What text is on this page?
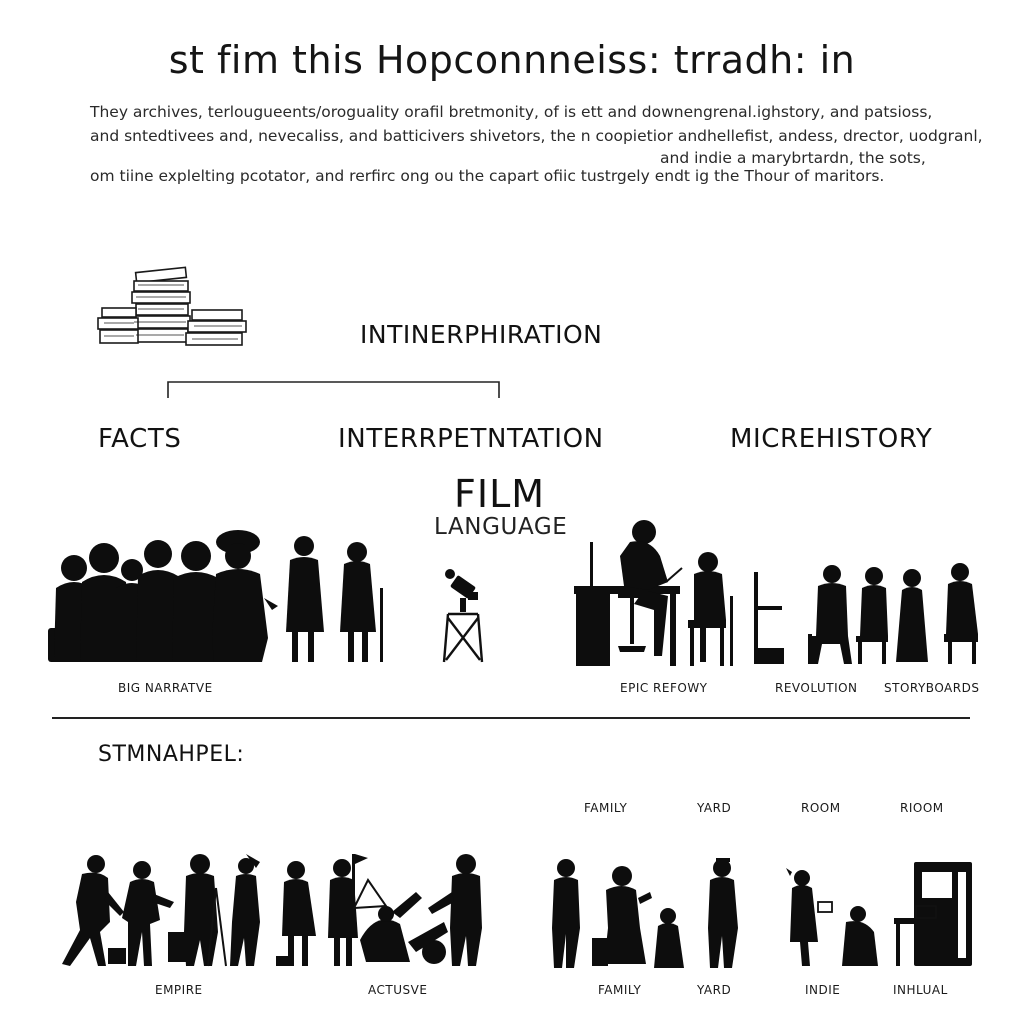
st fim this Hopconnneiss: trradh: in
They archives, terlougueents/oroguality orafil bretmonity, of is ett and downengrenal.ighstory, and patsioss,
and sntedtivees and, nevecaliss, and batticivers shivetors, the n coopietior andhellefist, andess, drector, uodgranl,
and indie a marybrtardn, the sots,
om tiine explelting pcotator, and rerfirc ong ou the capart ofiic tustrgely endt ig the Thour of maritors.
INTINERPHIRATION
FACTS	INTERRPETNTATION	MICREHISTORY
FILM
LANGUAGE
BIG NARRATVE	EPIC REFOWY	REVOLUTION STORYBOARDS
STMNAHPEL:
FAMILY	YARD	ROOM	RIOOM
EMPIRE	ACTUSVE	FAMILY	YARD	INDIE	INHLUAL
